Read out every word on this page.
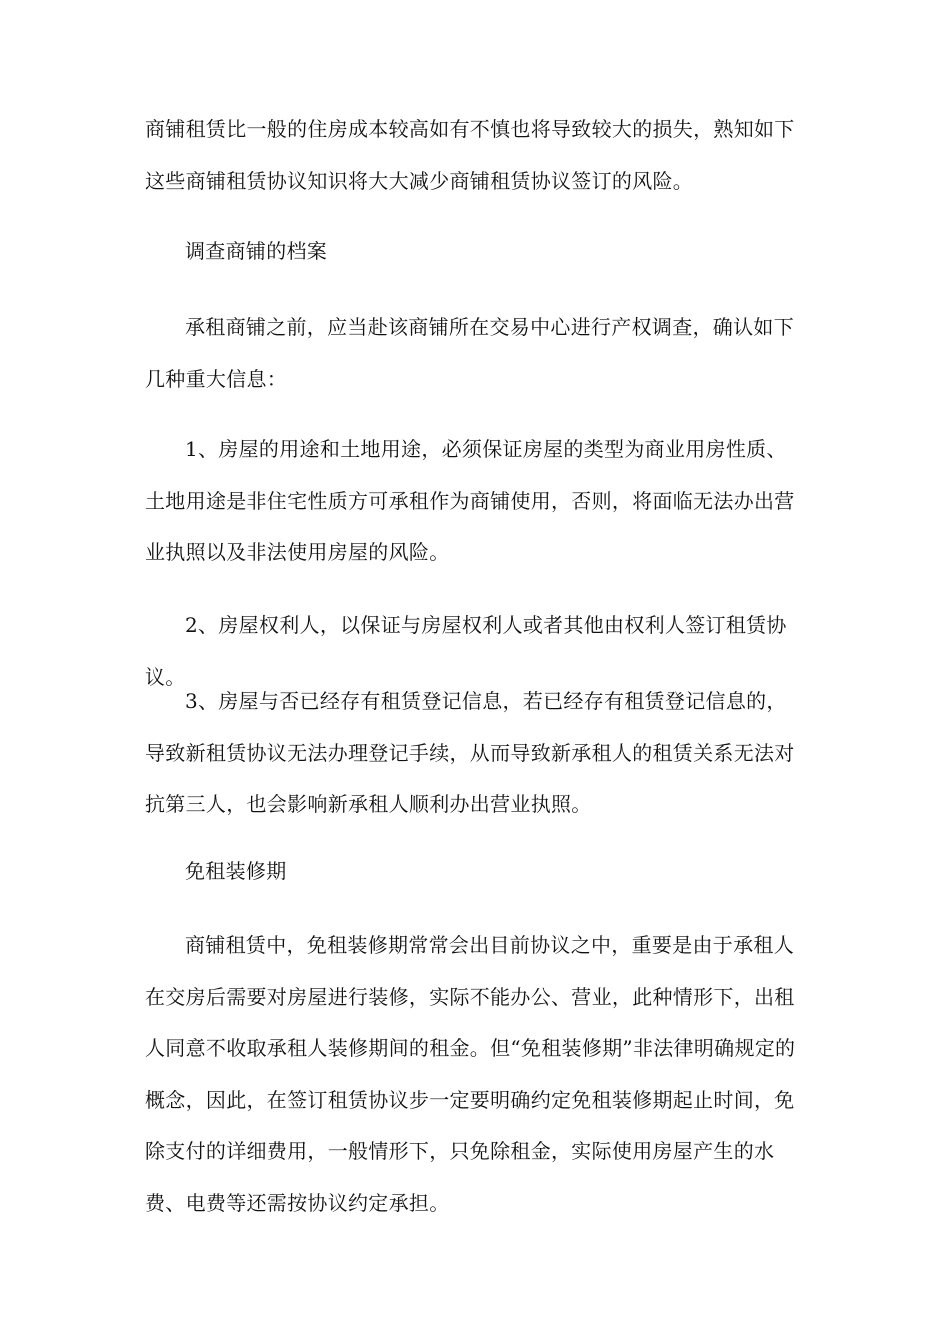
商铺租赁比一般的住房成本较高如有不慎也将导致较大的损失，熟知如下这些商铺租赁协议知识将大大减少商铺租赁协议签订的风险。

调查商铺的档案

承租商铺之前，应当赴该商铺所在交易中心进行产权调查，确认如下几种重大信息：

1、房屋的用途和土地用途，必须保证房屋的类型为商业用房性质、土地用途是非住宅性质方可承租作为商铺使用，否则，将面临无法办出营业执照以及非法使用房屋的风险。

2、房屋权利人，以保证与房屋权利人或者其他由权利人签订租赁协议。

3、房屋与否已经存有租赁登记信息，若已经存有租赁登记信息的，导致新租赁协议无法办理登记手续，从而导致新承租人的租赁关系无法对抗第三人，也会影响新承租人顺利办出营业执照。

免租装修期

商铺租赁中，免租装修期常常会出目前协议之中，重要是由于承租人在交房后需要对房屋进行装修，实际不能办公、营业，此种情形下，出租人同意不收取承租人装修期间的租金。但“免租装修期”非法律明确规定的概念，因此，在签订租赁协议步一定要明确约定免租装修期起止时间，免除支付的详细费用，一般情形下，只免除租金，实际使用房屋产生的水费、电费等还需按协议约定承担。
